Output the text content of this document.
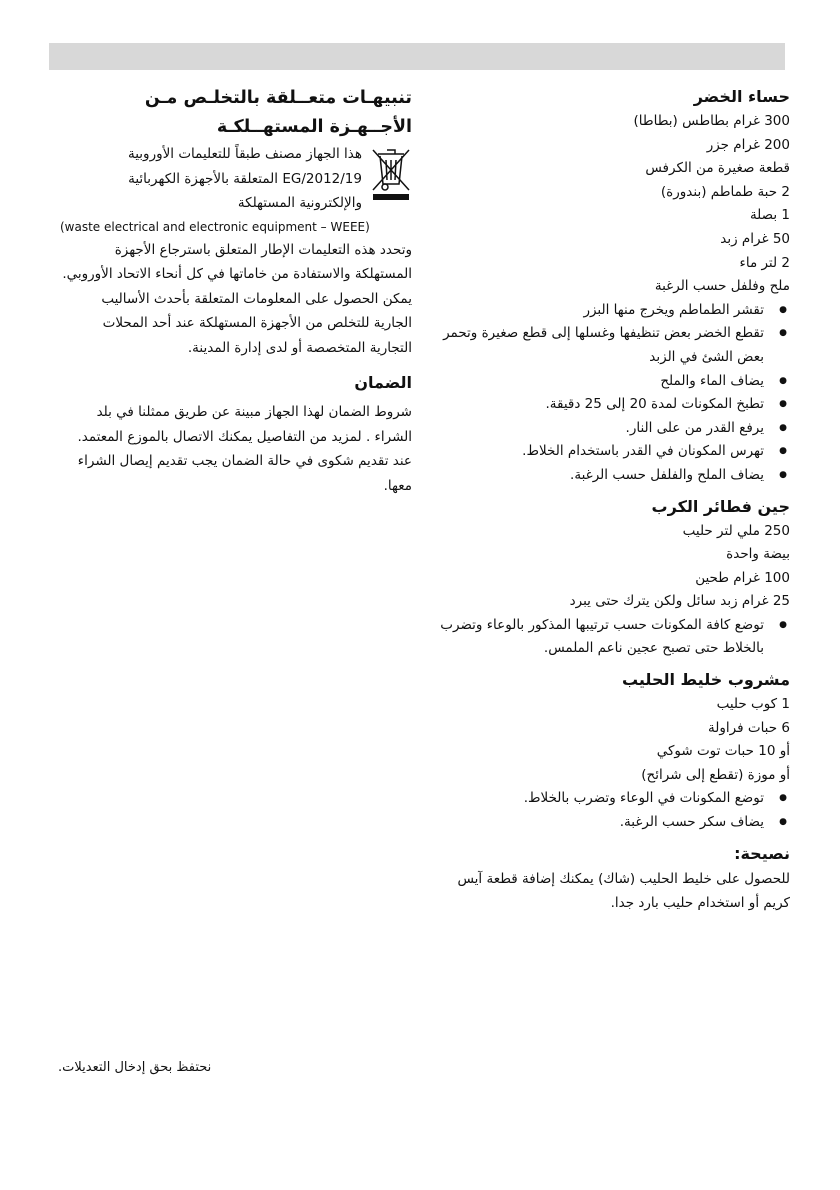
حساء الخضر

300 غرام بطاطس (بطاطا)

200 غرام جزر

قطعة صغيرة من الكرفس

2 حبة طماطم (بندورة)

1 بصلة

50 غرام زبد

2 لتر ماء

ملح وفلفل حسب الرغبة

● تقشر الطماطم ويخرج منها البزر

● تقطع الخضر بعض تنظيفها وغسلها إلى قطع صغيرة وتحمر بعض الشئ في الزبد

● يضاف الماء والملح

● تطبخ المكونات لمدة 20 إلى 25 دقيقة.

● يرفع القدر من على النار.

● تهرس المكونان في القدر باستخدام الخلاط.

● يضاف الملح والفلفل حسب الرغبة.

جين فطائر الكرب

250 ملي لتر حليب

بيضة واحدة

100 غرام طحين

25 غرام زبد سائل ولكن يترك حتى يبرد

● توضع كافة المكونات حسب ترتيبها المذكور بالوعاء وتضرب بالخلاط حتى تصبح عجين ناعم الملمس.

مشروب خليط الحليب

1 كوب حليب

6 حبات فراولة

أو 10 حبات توت شوكي

أو موزة (تقطع إلى شرائح)

● توضع المكونات في الوعاء وتضرب بالخلاط.

● يضاف سكر حسب الرغبة.

نصيحة:

للحصول على خليط الحليب (شاك) يمكنك إضافة قطعة آيس كريم أو استخدام حليب بارد جدا.

تنبيهـات متعــلقة بالتخلـص مـن

الأجــهـزة المستهــلكـة

هذا الجهاز مصنف طبقاً للتعليمات الأوروبية

2012/19/EG المتعلقة بالأجهزة الكهربائية

والإلكترونية المستهلكة

(waste electrical and electronic equipment – WEEE)

وتحدد هذه التعليمات الإطار المتعلق باسترجاع الأجهزة المستهلكة والاستفادة من خاماتها في كل أنحاء الاتحاد الأوروبي. يمكن الحصول على المعلومات المتعلقة بأحدث الأساليب الجارية للتخلص من الأجهزة المستهلكة عند أحد المحلات التجارية المتخصصة أو لدى إدارة المدينة.

الضمان

شروط الضمان لهذا الجهاز مبينة عن طريق ممثلنا في بلد الشراء . لمزيد من التفاصيل يمكنك الاتصال بالموزع المعتمد. عند تقديم شكوى في حالة الضمان يجب تقديم إيصال الشراء معها.

نحتفظ بحق إدخال التعديلات.
